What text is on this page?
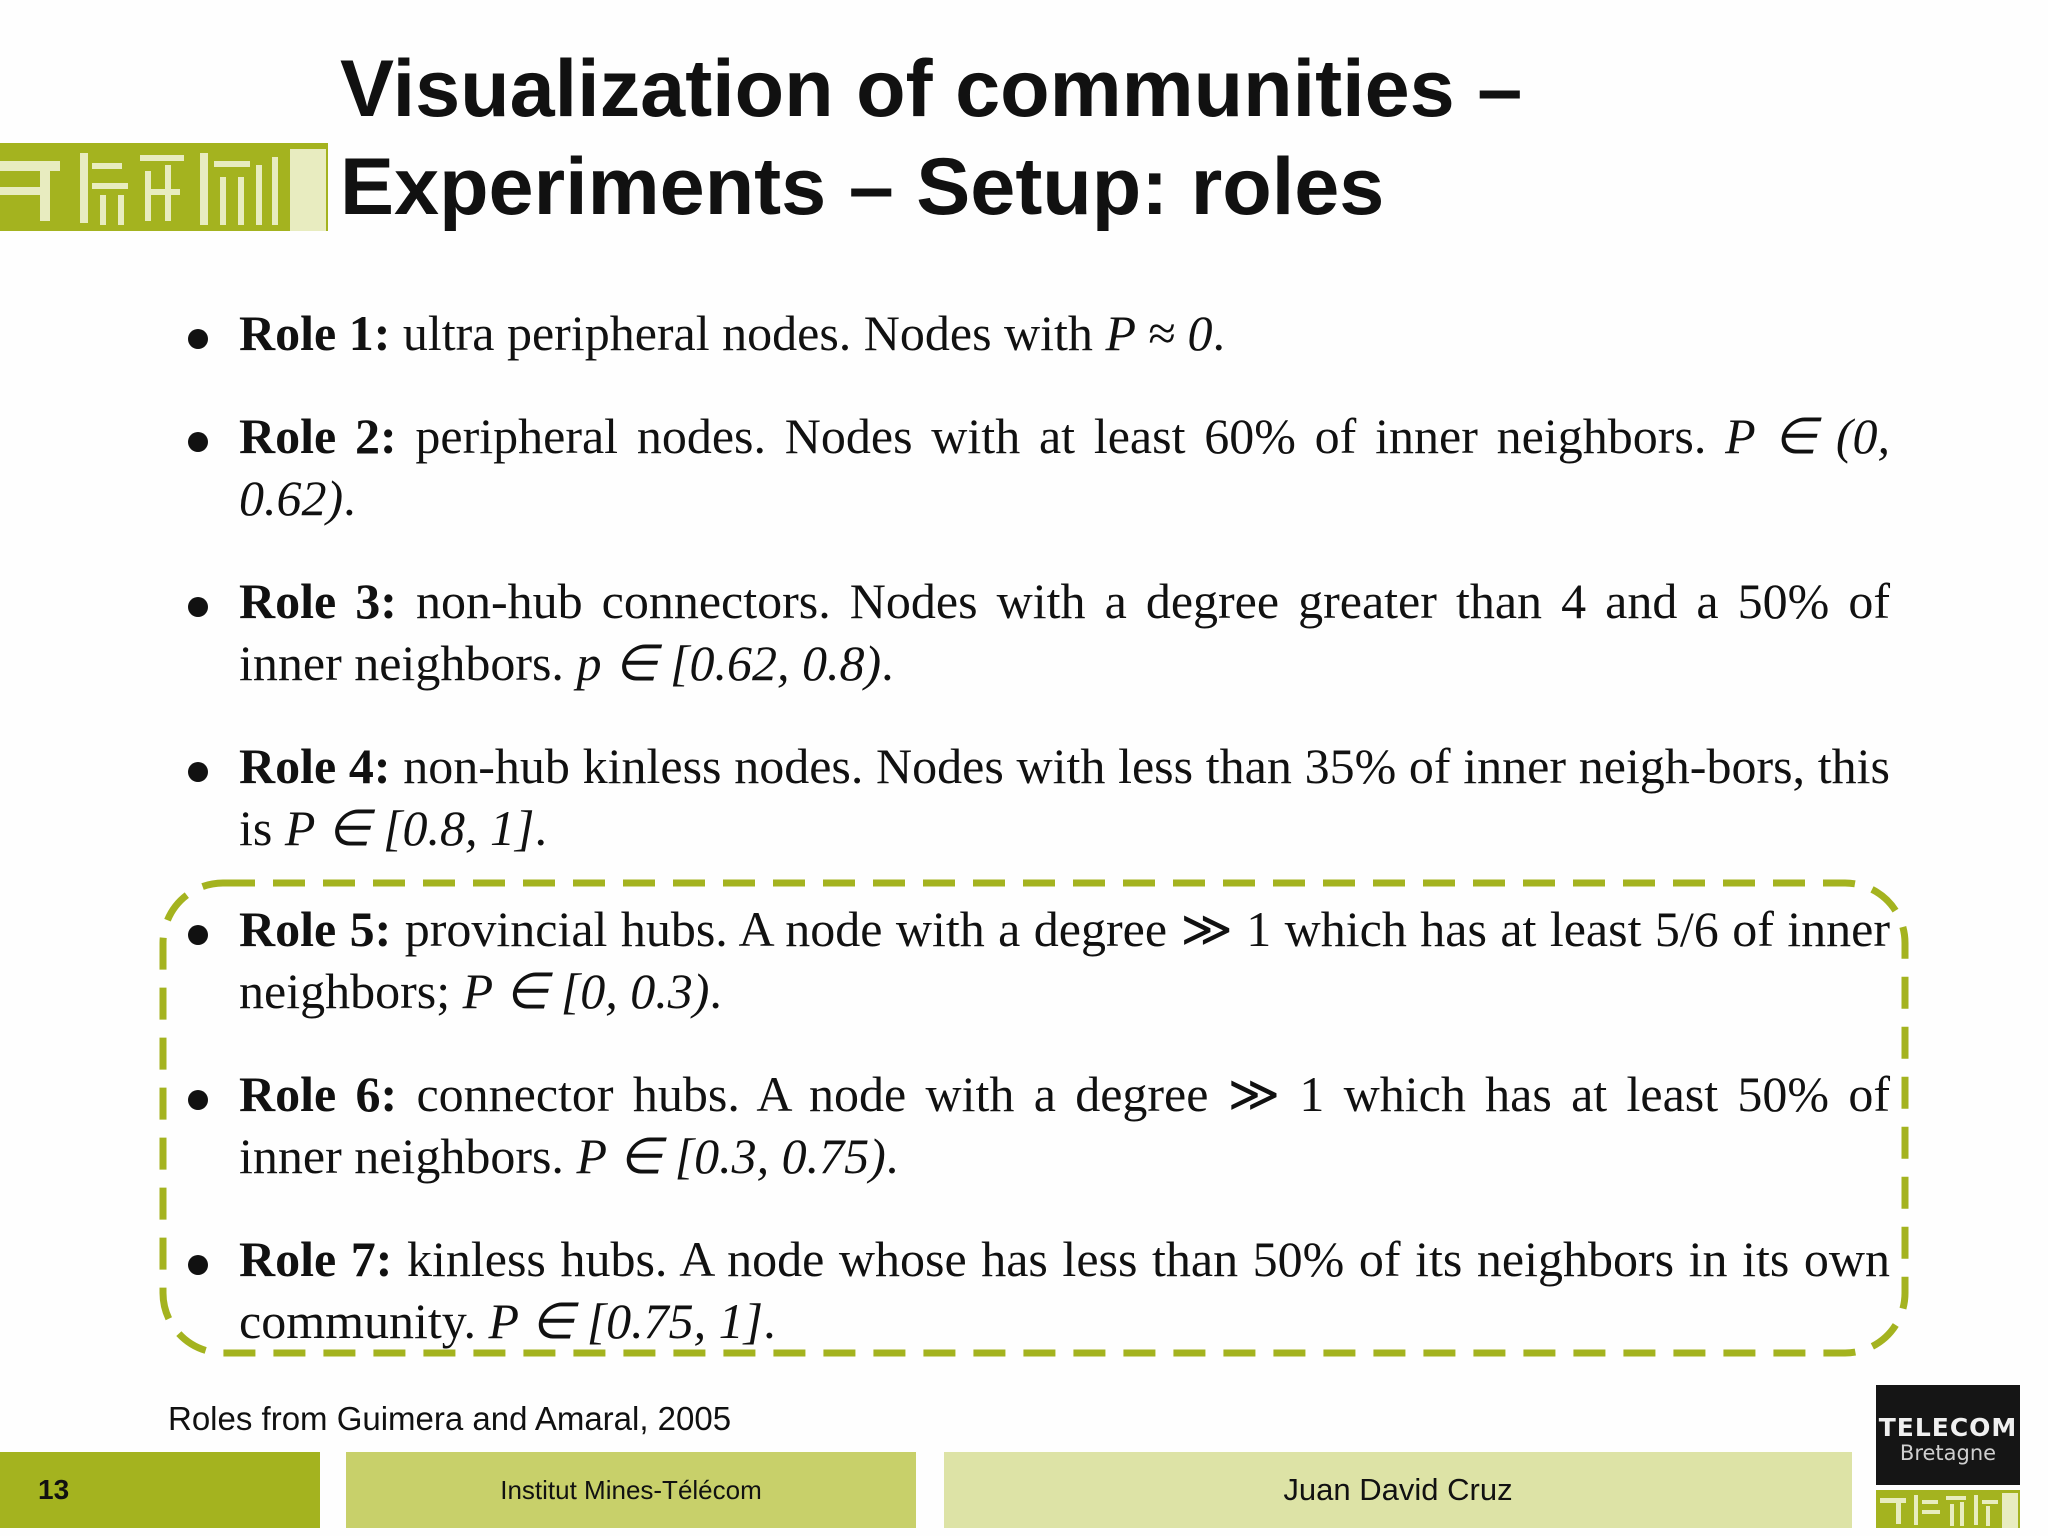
Visualization of communities –
Experiments – Setup: roles
Role 1: ultra peripheral nodes. Nodes with P ≈ 0.
Role 2: peripheral nodes. Nodes with at least 60% of inner neighbors. P ∈ (0, 0.62).
Role 3: non-hub connectors. Nodes with a degree greater than 4 and a 50% of inner neighbors. p ∈ [0.62, 0.8).
Role 4: non-hub kinless nodes. Nodes with less than 35% of inner neigh-bors, this is P ∈ [0.8, 1].
Role 5: provincial hubs. A node with a degree ≫ 1 which has at least 5/6 of inner neighbors; P ∈ [0, 0.3).
Role 6: connector hubs. A node with a degree ≫ 1 which has at least 50% of inner neighbors. P ∈ [0.3, 0.75).
Role 7: kinless hubs. A node whose has less than 50% of its neighbors in its own community. P ∈ [0.75, 1].
Roles from Guimera and Amaral, 2005
13	Institut Mines-Télécom	Juan David Cruz
TELECOM
Bretagne
